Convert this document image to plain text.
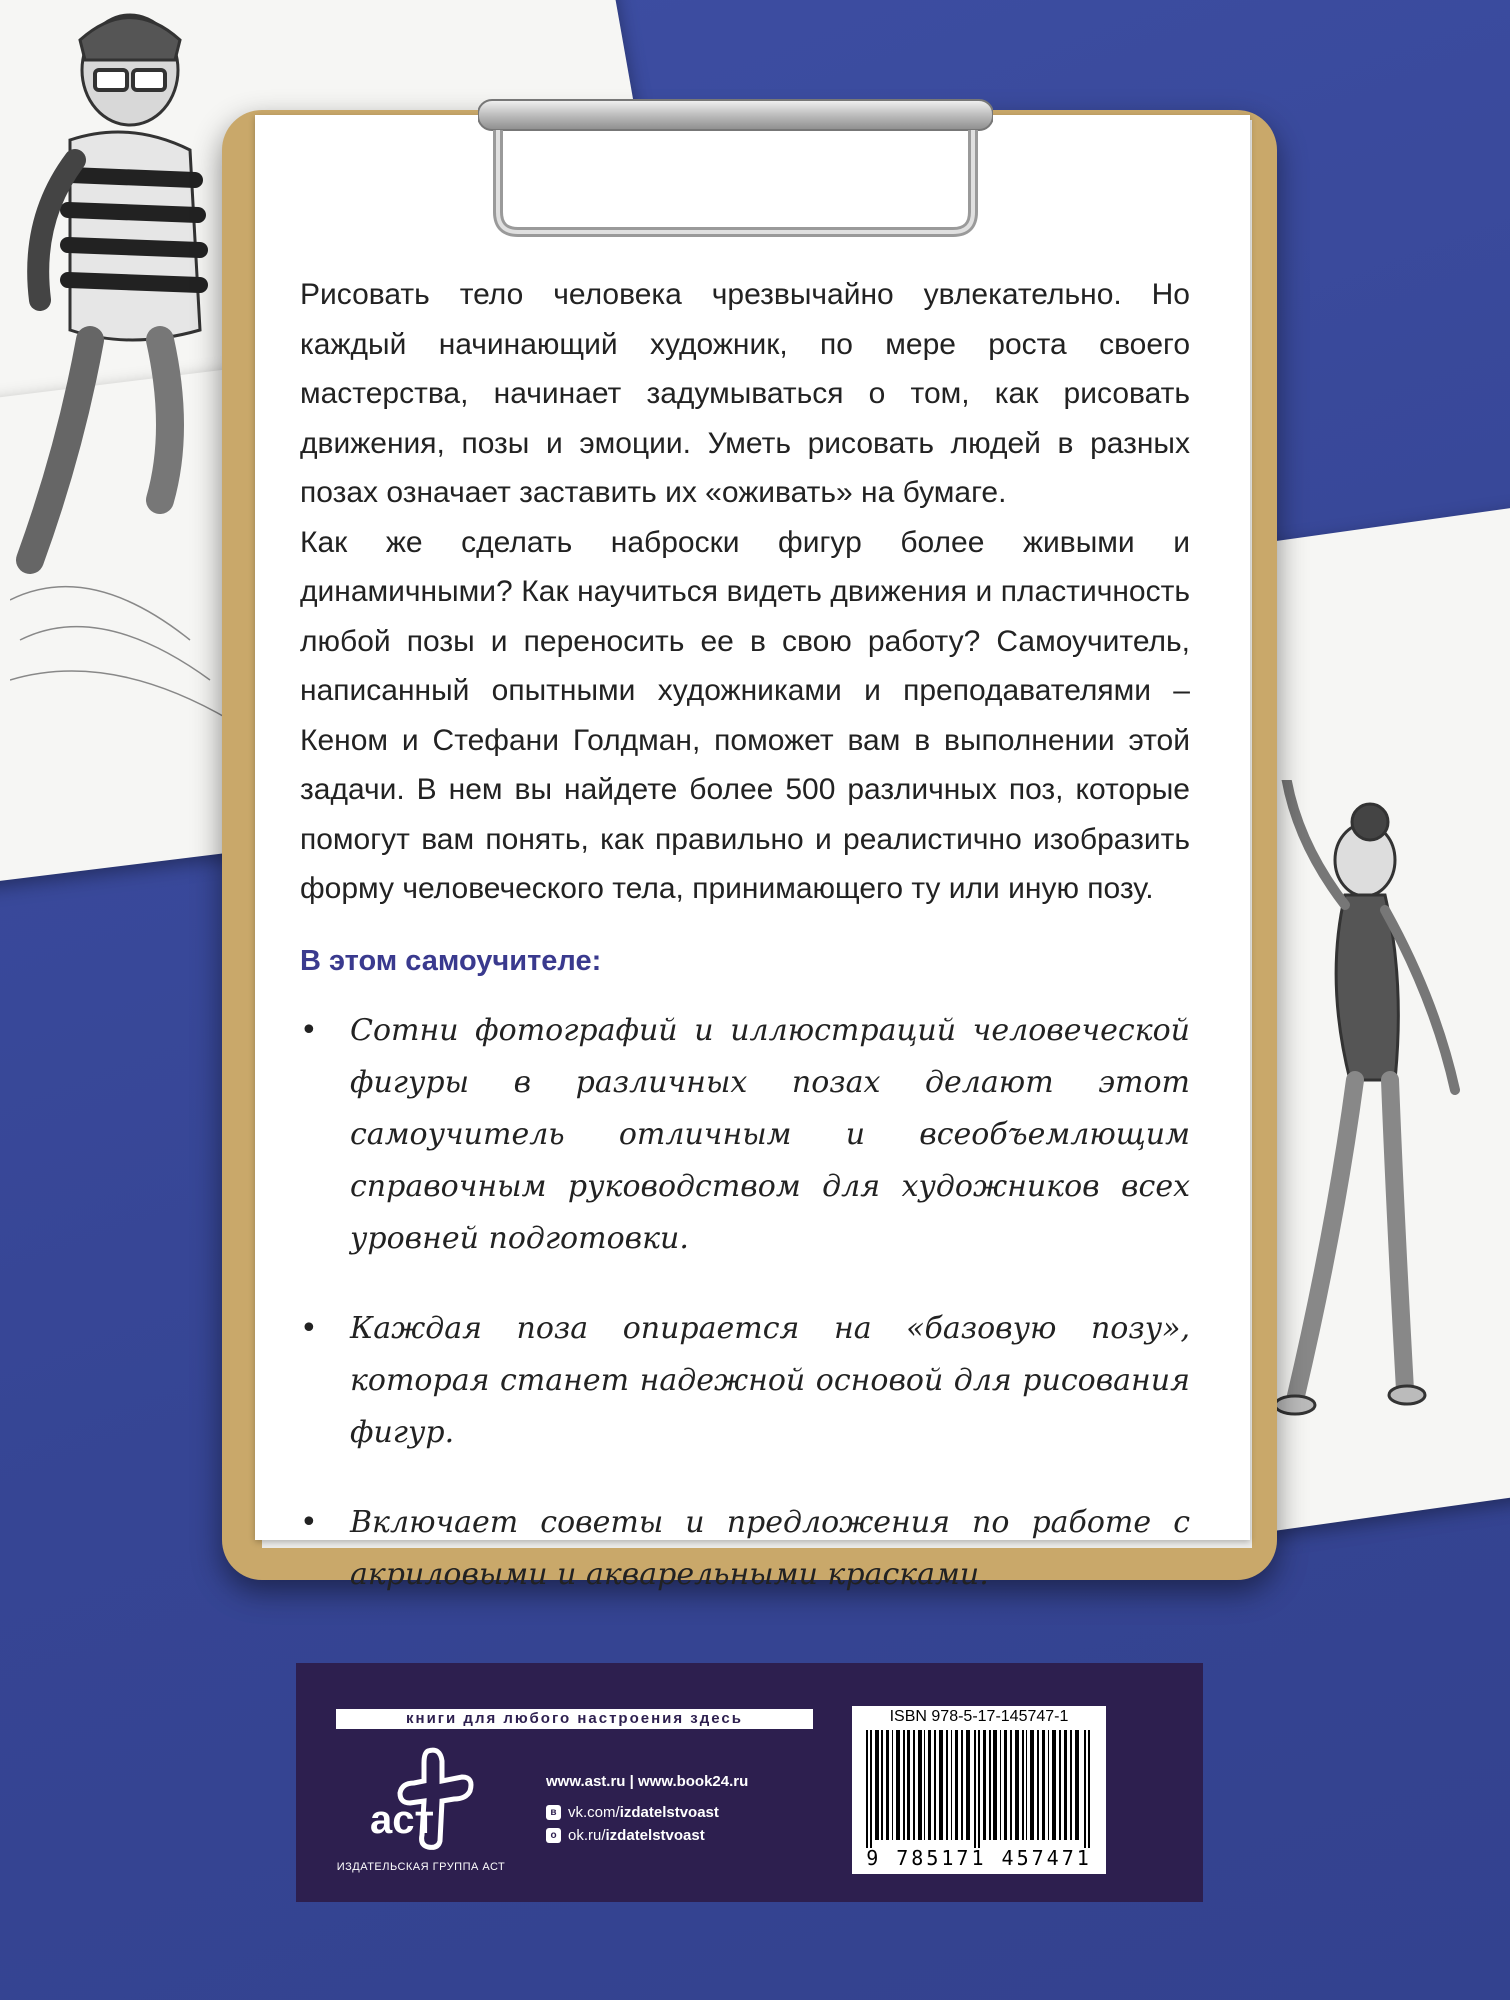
Рисовать тело человека чрезвычайно увлекательно. Но каждый начинающий художник, по мере роста своего мастерства, начинает задумываться о том, как рисовать движения, позы и эмоции. Уметь рисовать людей в разных позах означает заставить их «оживать» на бумаге.

Как же сделать наброски фигур более живыми и динамичными? Как научиться видеть движения и пластичность любой позы и переносить ее в свою работу? Самоучитель, написанный опытными художниками и преподавателями – Кеном и Стефани Голдман, поможет вам в выполнении этой задачи. В нем вы найдете более 500 различных поз, которые помогут вам понять, как правильно и реалистично изобразить форму человеческого тела, принимающего ту или иную позу.

В этом самоучителе:
• Сотни фотографий и иллюстраций человеческой фигуры в различных позах делают этот самоучитель отличным и всеобъемлющим справочным руководством для художников всех уровней подготовки.
• Каждая поза опирается на «базовую позу», которая станет надежной основой для рисования фигур.
• Включает советы и предложения по работе с акриловыми и акварельными красками.
книги для любого настроения здесь
аст
ИЗДАТЕЛЬСКАЯ ГРУППА АСТ
www.ast.ru | www.book24.ru
в vk.com/ izdatelstvoast
о ok.ru/ izdatelstvoast
ISBN 978-5-17-145747-1
9 785171 457471
